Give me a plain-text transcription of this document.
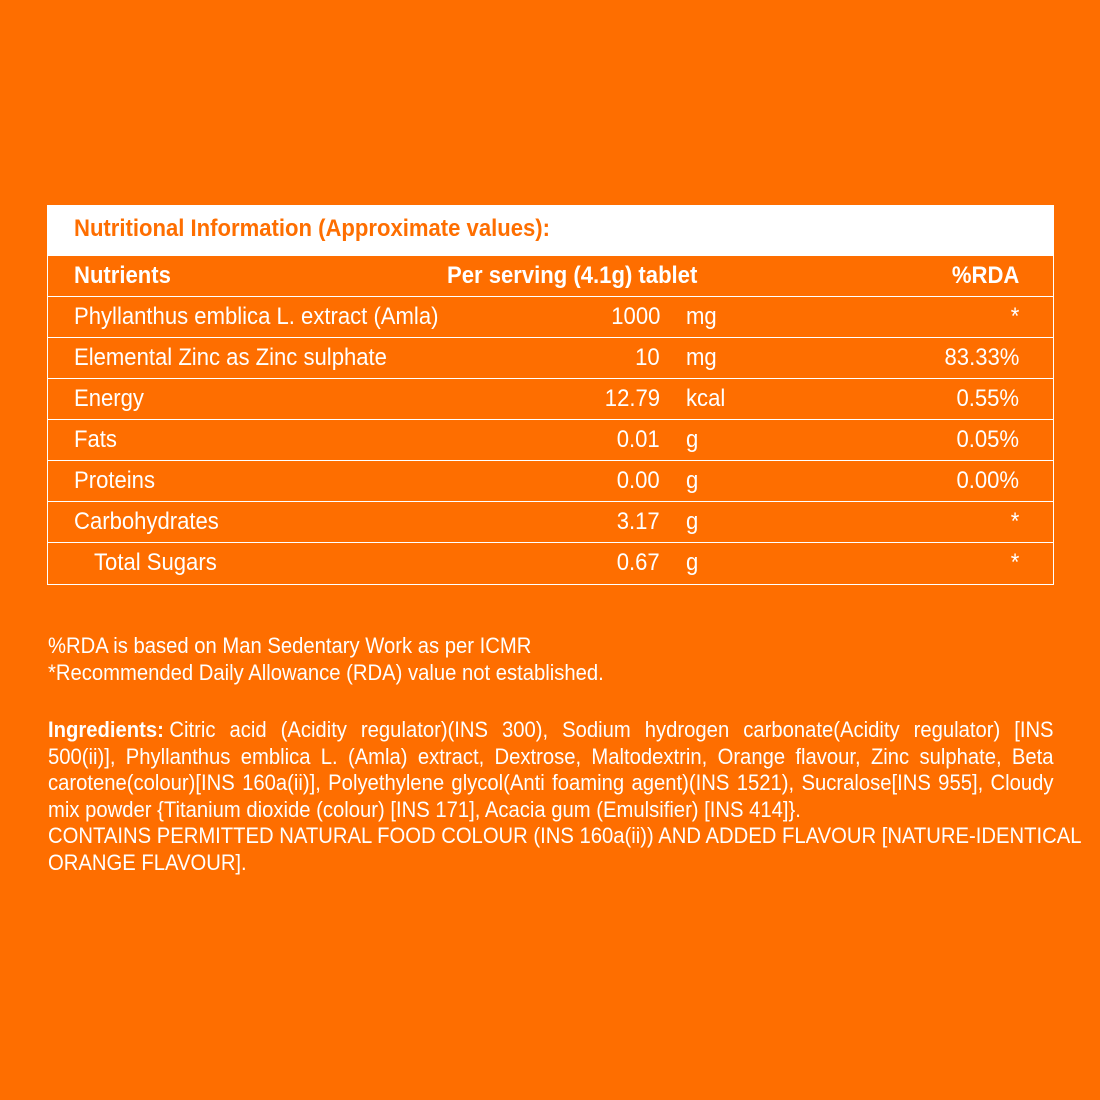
Nutritional Information (Approximate values):
Nutrients	Per serving (4.1g) tablet	%RDA
Phyllanthus emblica L. extract (Amla)	1000 mg	*
Elemental Zinc as Zinc sulphate	10 mg	83.33%
Energy	12.79 kcal	0.55%
Fats	0.01 g	0.05%
Proteins	0.00 g	0.00%
Carbohydrates	3.17 g	*
Total Sugars	0.67 g	*
%RDA is based on Man Sedentary Work as per ICMR
*Recommended Daily Allowance (RDA) value not established.
Ingredients: Citric acid (Acidity regulator)(INS 300), Sodium hydrogen carbonate(Acidity regulator) [INS
500(ii)], Phyllanthus emblica L. (Amla) extract, Dextrose, Maltodextrin, Orange flavour, Zinc sulphate, Beta
carotene(colour)[INS 160a(ii)], Polyethylene glycol(Anti foaming agent)(INS 1521), Sucralose[INS 955], Cloudy
mix powder {Titanium dioxide (colour) [INS 171], Acacia gum (Emulsifier) [INS 414]}.
CONTAINS PERMITTED NATURAL FOOD COLOUR (INS 160a(ii)) AND ADDED FLAVOUR [NATURE-IDENTICAL
ORANGE FLAVOUR].
